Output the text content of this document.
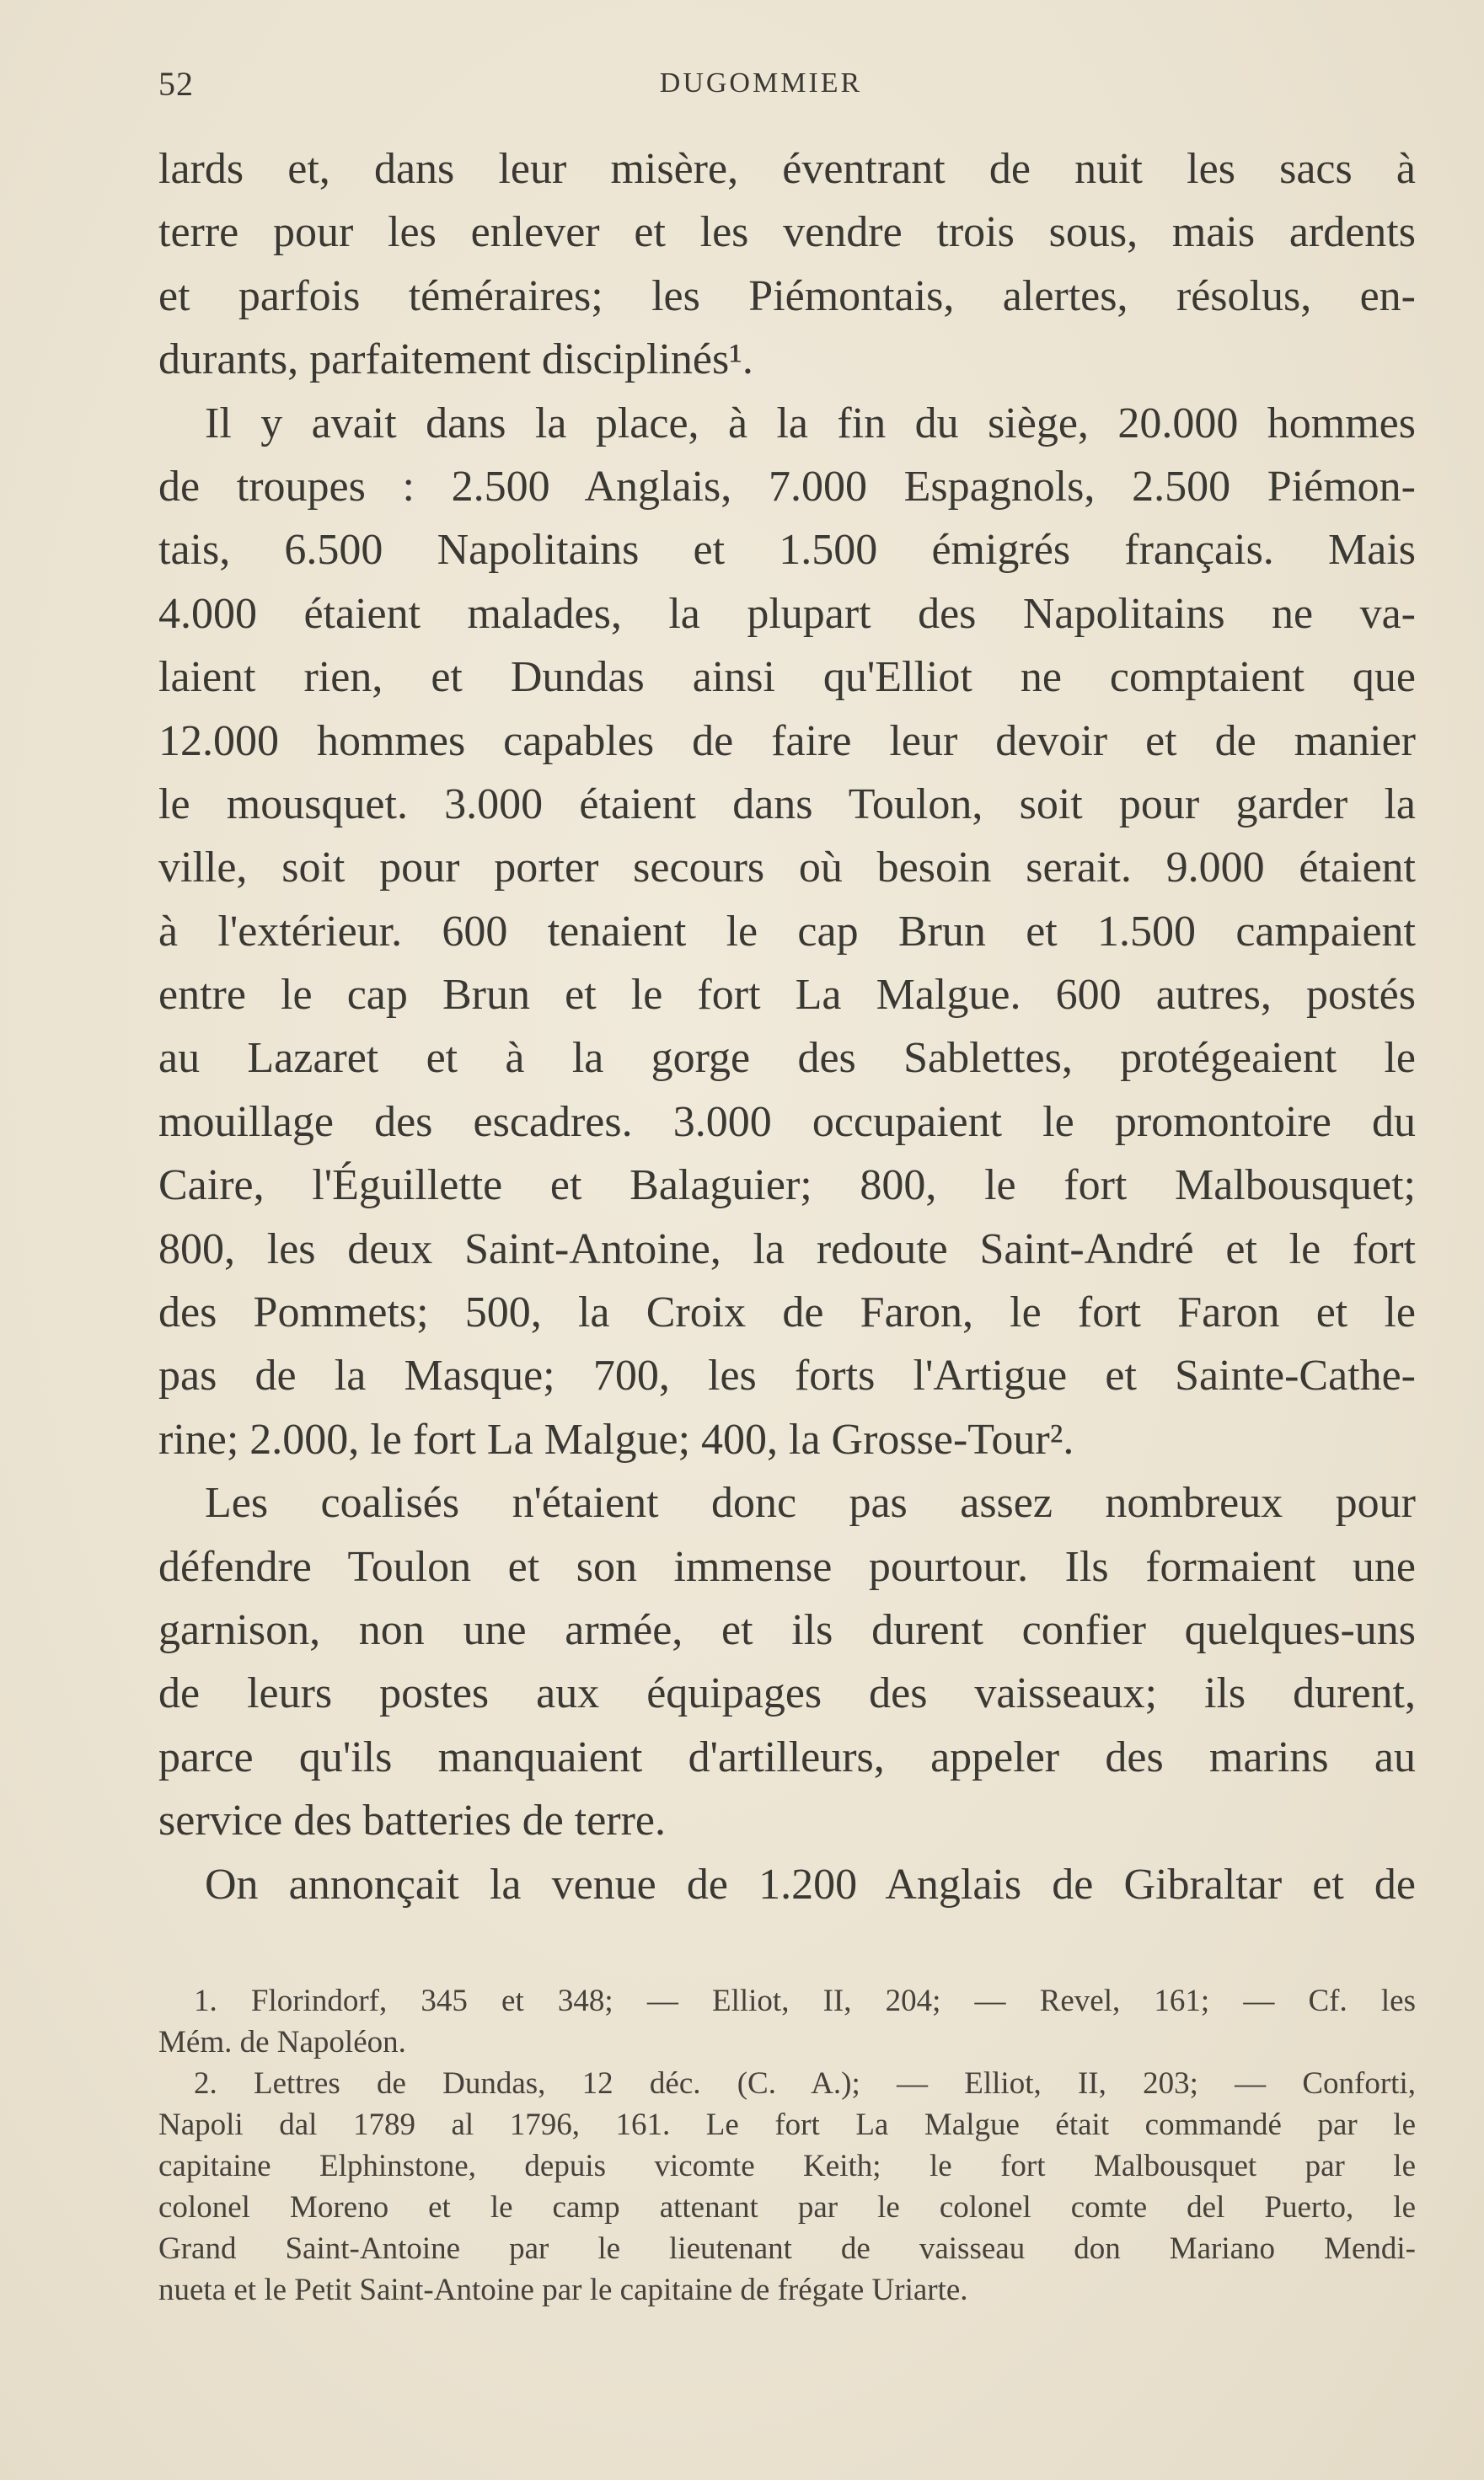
52	DUGOMMIER
lards et, dans leur misère, éventrant de nuit les sacs à
terre pour les enlever et les vendre trois sous, mais ardents
et parfois téméraires; les Piémontais, alertes, résolus, en-
durants, parfaitement disciplinés¹.
Il y avait dans la place, à la fin du siège, 20.000 hommes
de troupes : 2.500 Anglais, 7.000 Espagnols, 2.500 Piémon-
tais, 6.500 Napolitains et 1.500 émigrés français. Mais
4.000 étaient malades, la plupart des Napolitains ne va-
laient rien, et Dundas ainsi qu'Elliot ne comptaient que
12.000 hommes capables de faire leur devoir et de manier
le mousquet. 3.000 étaient dans Toulon, soit pour garder la
ville, soit pour porter secours où besoin serait. 9.000 étaient
à l'extérieur. 600 tenaient le cap Brun et 1.500 campaient
entre le cap Brun et le fort La Malgue. 600 autres, postés
au Lazaret et à la gorge des Sablettes, protégeaient le
mouillage des escadres. 3.000 occupaient le promontoire du
Caire, l'Éguillette et Balaguier; 800, le fort Malbousquet;
800, les deux Saint-Antoine, la redoute Saint-André et le fort
des Pommets; 500, la Croix de Faron, le fort Faron et le
pas de la Masque; 700, les forts l'Artigue et Sainte-Cathe-
rine; 2.000, le fort La Malgue; 400, la Grosse-Tour².
Les coalisés n'étaient donc pas assez nombreux pour
défendre Toulon et son immense pourtour. Ils formaient une
garnison, non une armée, et ils durent confier quelques-uns
de leurs postes aux équipages des vaisseaux; ils durent,
parce qu'ils manquaient d'artilleurs, appeler des marins au
service des batteries de terre.
On annonçait la venue de 1.200 Anglais de Gibraltar et de
1. Florindorf, 345 et 348; — Elliot, II, 204; — Revel, 161; — Cf. les
Mém. de Napoléon.
2. Lettres de Dundas, 12 déc. (C. A.); — Elliot, II, 203; — Conforti,
Napoli dal 1789 al 1796, 161. Le fort La Malgue était commandé par le
capitaine Elphinstone, depuis vicomte Keith; le fort Malbousquet par le
colonel Moreno et le camp attenant par le colonel comte del Puerto, le
Grand Saint-Antoine par le lieutenant de vaisseau don Mariano Mendi-
nueta et le Petit Saint-Antoine par le capitaine de frégate Uriarte.
